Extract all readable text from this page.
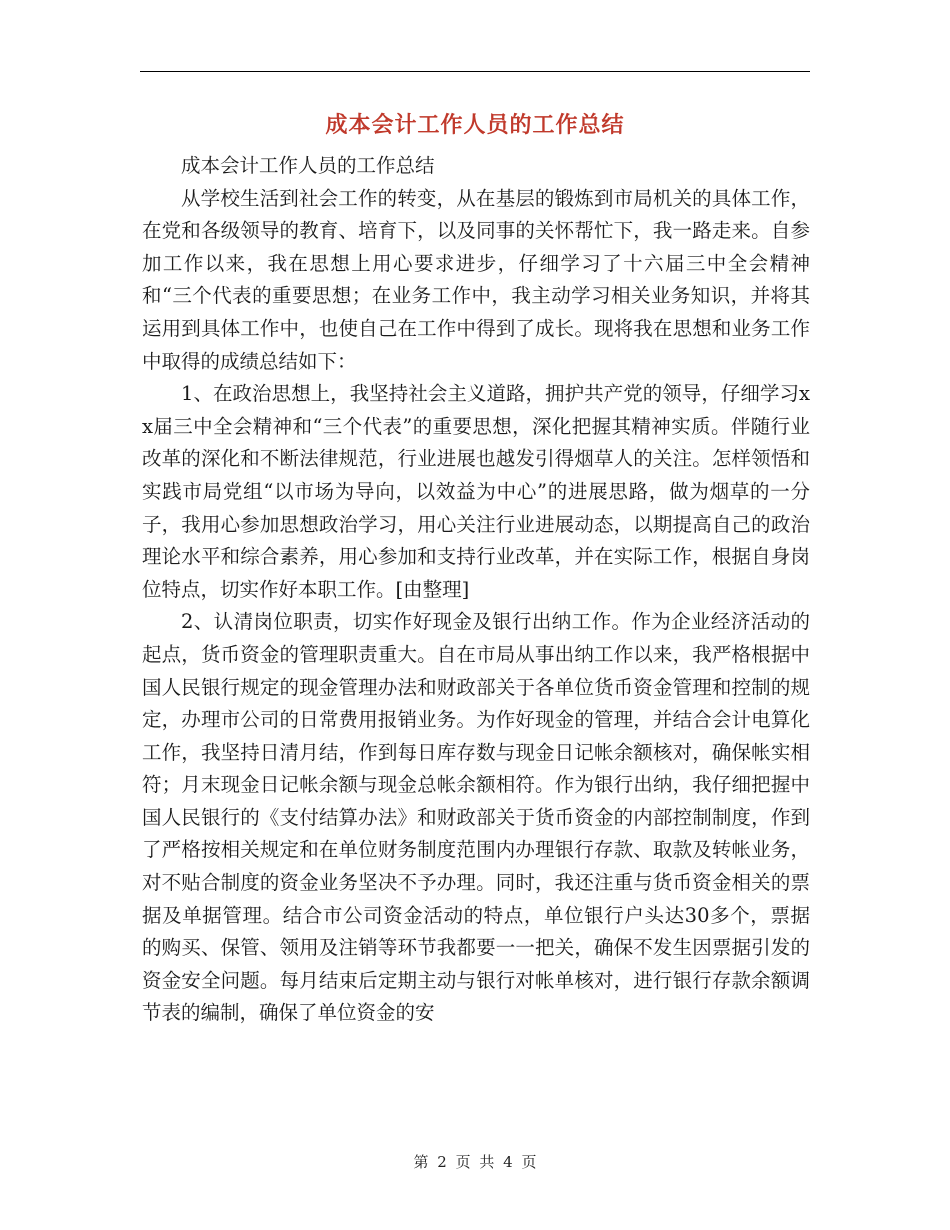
成本会计工作人员的工作总结

成本会计工作人员的工作总结

从学校生活到社会工作的转变，从在基层的锻炼到市局机关的具体工作，在党和各级领导的教育、培育下，以及同事的关怀帮忙下，我一路走来。自参加工作以来，我在思想上用心要求进步，仔细学习了十六届三中全会精神和“三个代表的重要思想；在业务工作中，我主动学习相关业务知识，并将其运用到具体工作中，也使自己在工作中得到了成长。现将我在思想和业务工作中取得的成绩总结如下：

1、在政治思想上，我坚持社会主义道路，拥护共产党的领导，仔细学习xx届三中全会精神和“三个代表”的重要思想，深化把握其精神实质。伴随行业改革的深化和不断法律规范，行业进展也越发引得烟草人的关注。怎样领悟和实践市局党组“以市场为导向，以效益为中心”的进展思路，做为烟草的一分子，我用心参加思想政治学习，用心关注行业进展动态，以期提高自己的政治理论水平和综合素养，用心参加和支持行业改革，并在实际工作，根据自身岗位特点，切实作好本职工作。[由整理]

2、认清岗位职责，切实作好现金及银行出纳工作。作为企业经济活动的起点，货币资金的管理职责重大。自在市局从事出纳工作以来，我严格根据中国人民银行规定的现金管理办法和财政部关于各单位货币资金管理和控制的规定，办理市公司的日常费用报销业务。为作好现金的管理，并结合会计电算化工作，我坚持日清月结，作到每日库存数与现金日记帐余额核对，确保帐实相符；月末现金日记帐余额与现金总帐余额相符。作为银行出纳，我仔细把握中国人民银行的《支付结算办法》和财政部关于货币资金的内部控制制度，作到了严格按相关规定和在单位财务制度范围内办理银行存款、取款及转帐业务，对不贴合制度的资金业务坚决不予办理。同时，我还注重与货币资金相关的票据及单据管理。结合市公司资金活动的特点，单位银行户头达30多个，票据的购买、保管、领用及注销等环节我都要一一把关，确保不发生因票据引发的资金安全问题。每月结束后定期主动与银行对帐单核对，进行银行存款余额调节表的编制，确保了单位资金的安

第 2 页 共 4 页
